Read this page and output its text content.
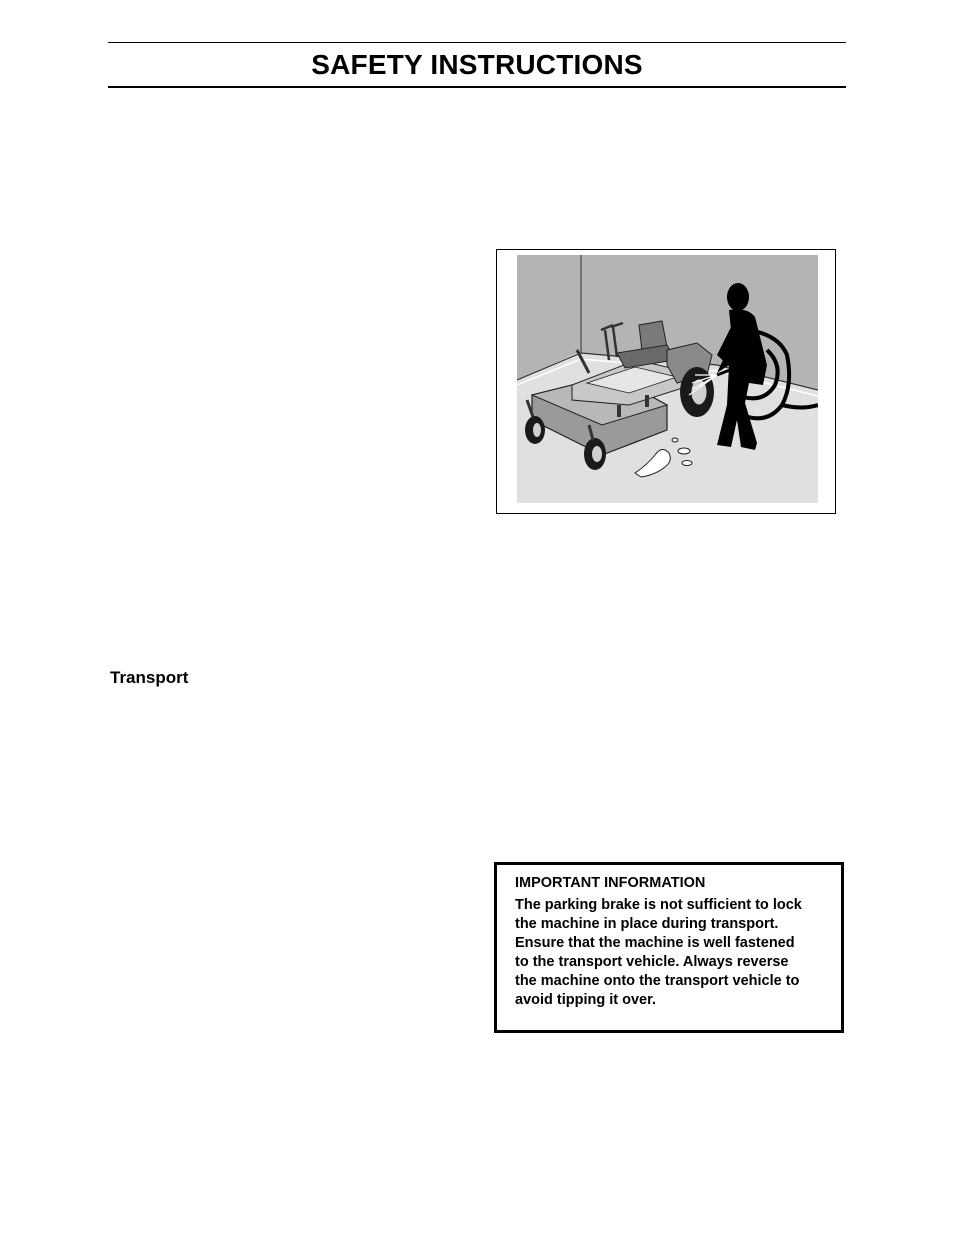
SAFETY INSTRUCTIONS
Transport

IMPORTANT INFORMATION

The parking brake is not sufficient to lock
the machine in place during transport.
Ensure that the machine is well fastened
to the transport vehicle. Always reverse
the machine onto the transport vehicle to
avoid tipping it over.
